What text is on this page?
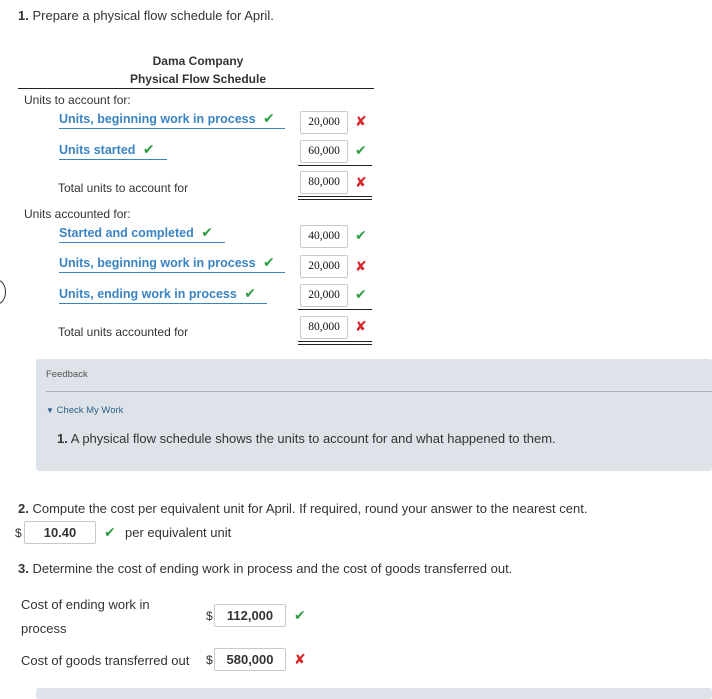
1. Prepare a physical flow schedule for April.
Dama Company
Physical Flow Schedule
Units to account for:
Units, beginning work in process ✔	20,000	✘
Units started ✔	60,000	✔
Total units to account for	80,000	✘
Units accounted for:
Started and completed ✔	40,000	✔
Units, beginning work in process ✔	20,000	✘
Units, ending work in process ✔	20,000	✔
Total units accounted for	80,000	✘
Feedback
▼ Check My Work
1. A physical flow schedule shows the units to account for and what happened to them.
2. Compute the cost per equivalent unit for April. If required, round your answer to the nearest cent.
$	10.40	✔ per equivalent unit
3. Determine the cost of ending work in process and the cost of goods transferred out.
Cost of ending work in
process
$	112,000	✔
Cost of goods transferred out $	580,000	✘
